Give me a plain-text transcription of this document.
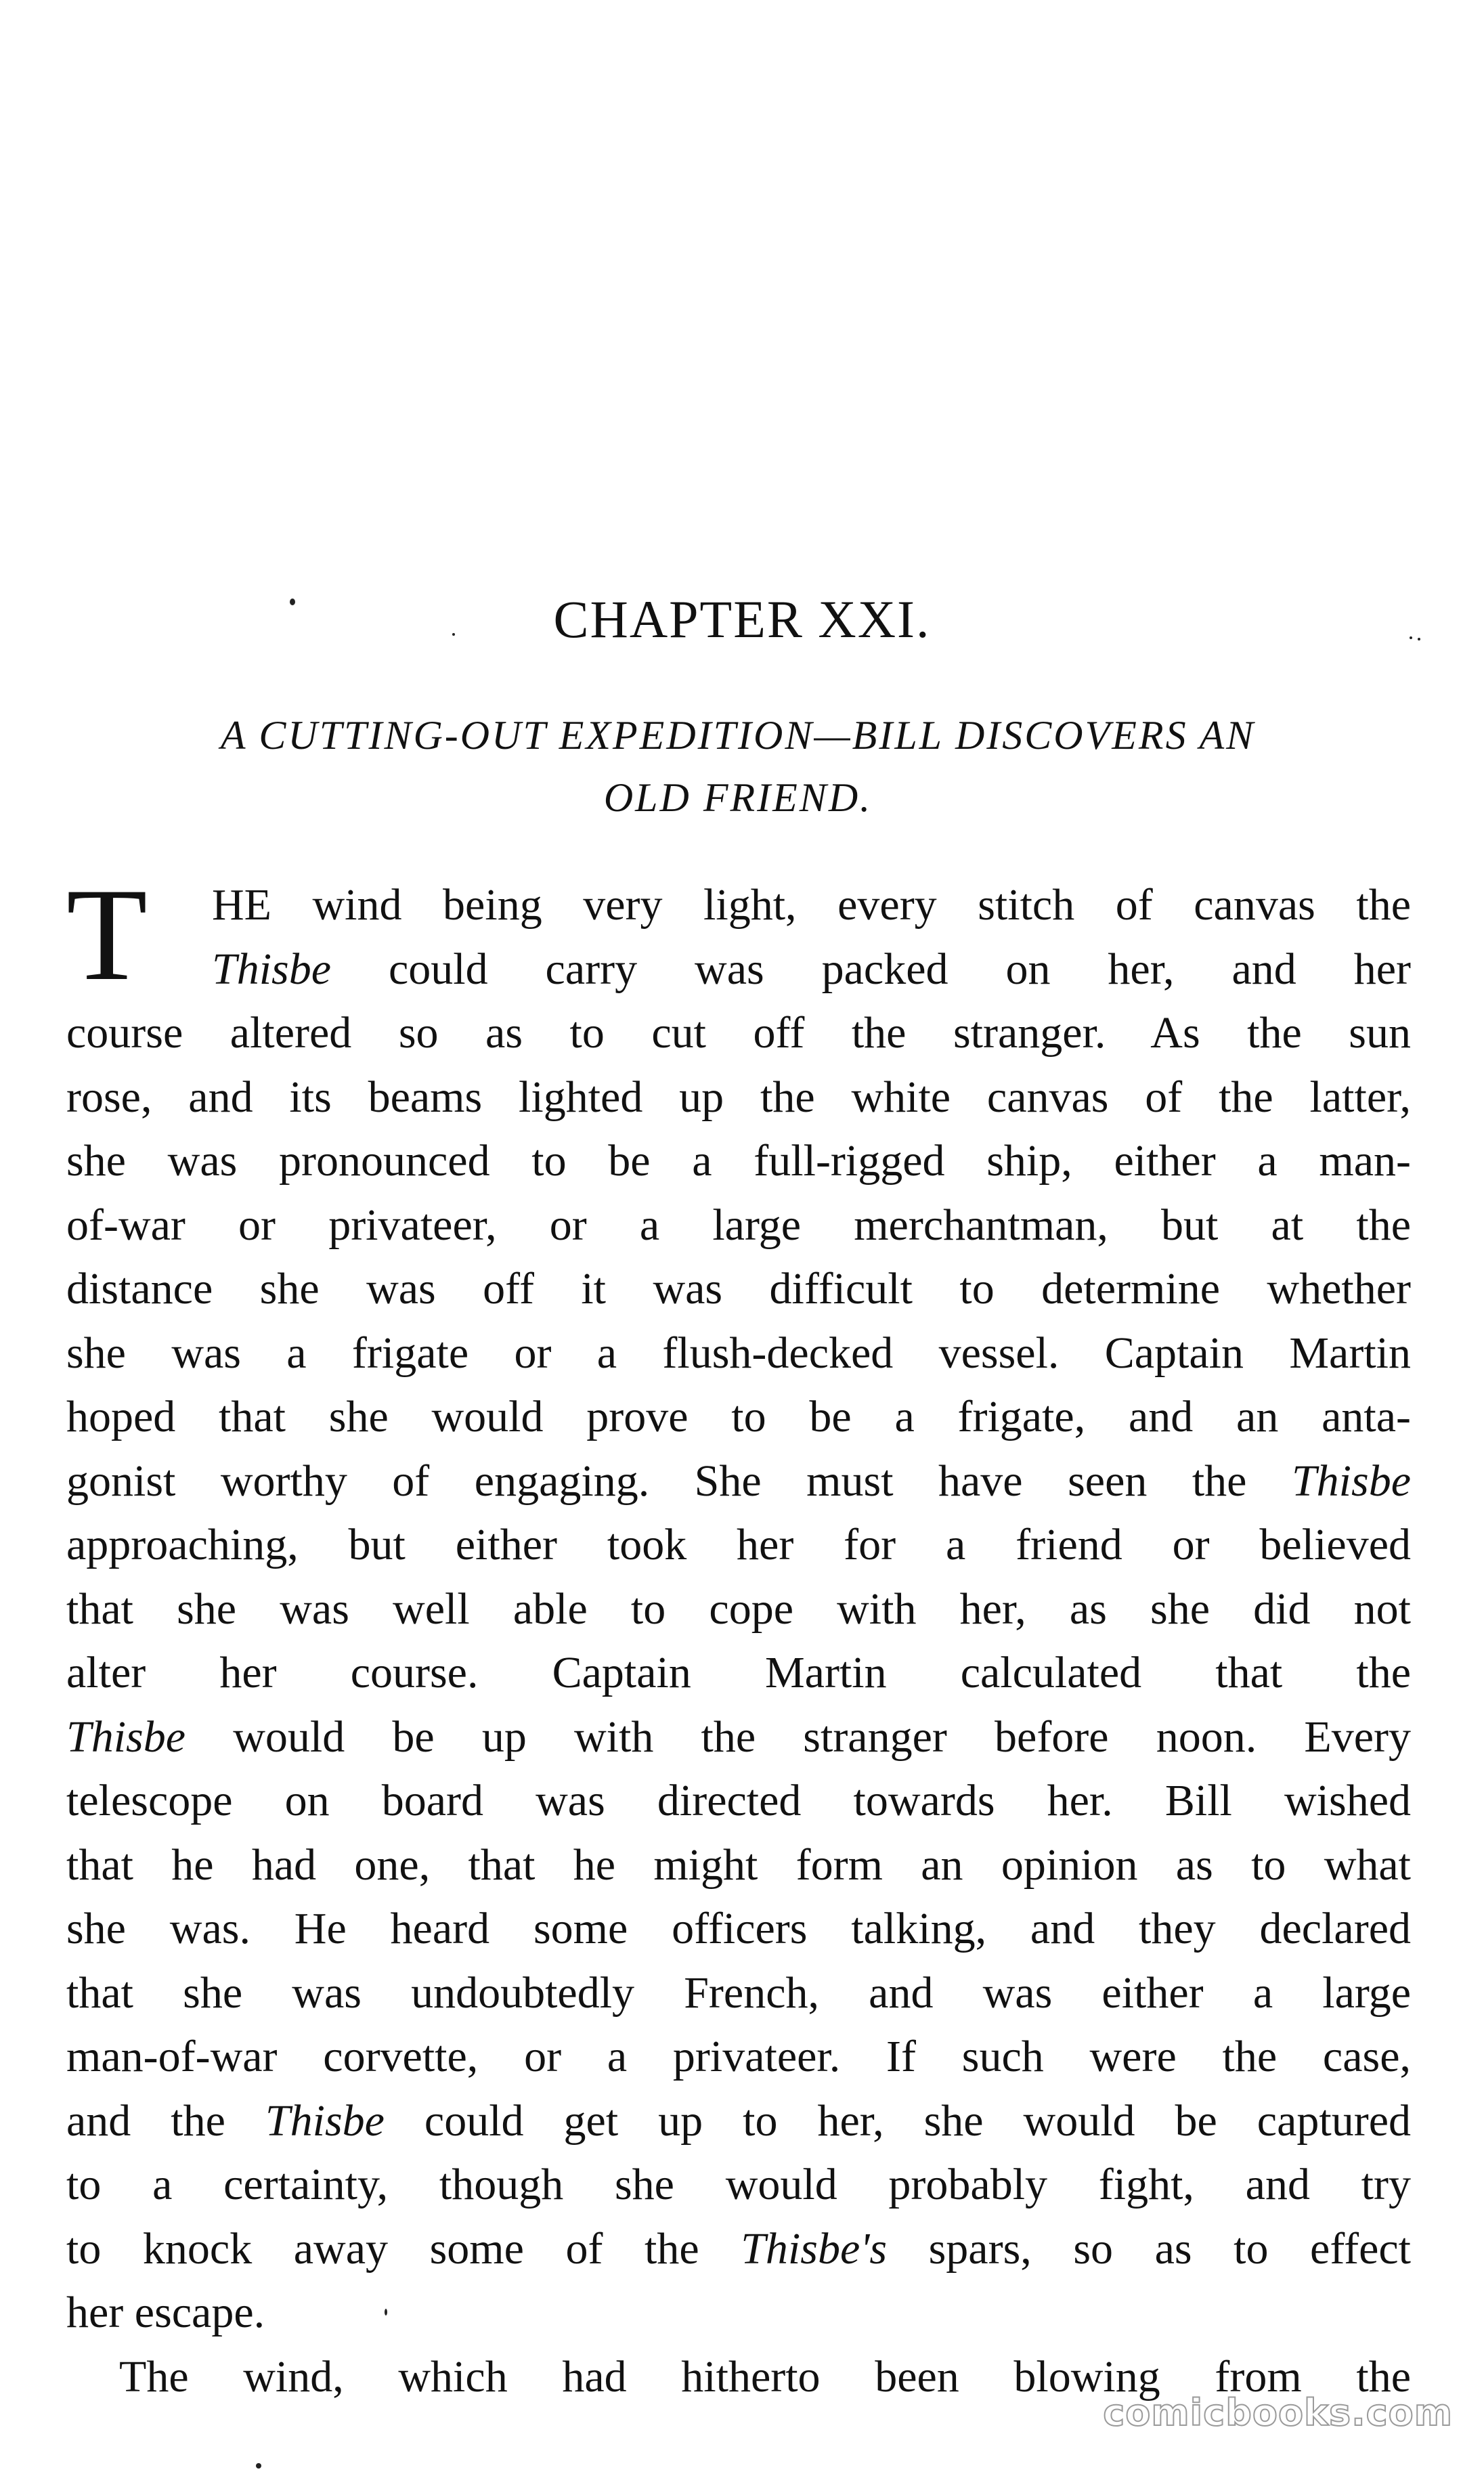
CHAPTER XXI.
A CUTTING-OUT EXPEDITION—BILL DISCOVERS AN
OLD FRIEND.
T	HE wind being very light, every stitch of canvas the
Thisbe could carry was packed on her, and her
course altered so as to cut off the stranger. As the sun
rose, and its beams lighted up the white canvas of the latter,
she was pronounced to be a full-rigged ship, either a man-
of-war or privateer, or a large merchantman, but at the
distance she was off it was difficult to determine whether
she was a frigate or a flush-decked vessel. Captain Martin
hoped that she would prove to be a frigate, and an anta-
gonist worthy of engaging. She must have seen the Thisbe
approaching, but either took her for a friend or believed
that she was well able to cope with her, as she did not
alter her course. Captain Martin calculated that the
Thisbe would be up with the stranger before noon. Every
telescope on board was directed towards her. Bill wished
that he had one, that he might form an opinion as to what
she was. He heard some officers talking, and they declared
that she was undoubtedly French, and was either a large
man-of-war corvette, or a privateer. If such were the case,
and the Thisbe could get up to her, she would be captured
to a certainty, though she would probably fight, and try
to knock away some of the Thisbe's spars, so as to effect
her escape.
The wind, which had hitherto been blowing from the
comicbooks.com
